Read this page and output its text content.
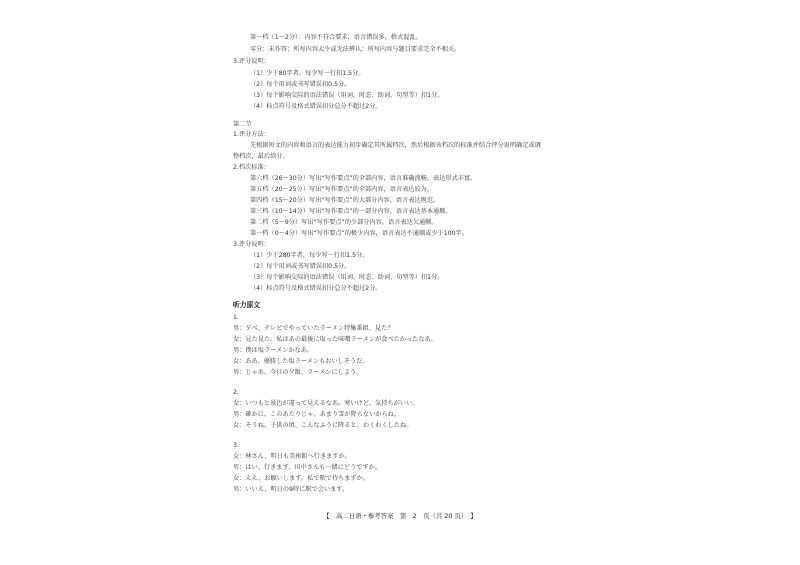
第一档（1～2分）：内容不符合要求，语言错误多，格式混乱。
零分：未作答；所写内容太少或无法辨认；所写内容与题目要求完全不相关。
3.评分说明：
（1）少于80字者，每少写一行扣1.5分。
（2）每个用词或书写错误扣0.5分。
（3）每个影响交际的语法错误（用词、时态、助词、句型等）扣1分。
（4）标点符号及格式错误扣分总分不超过2分。
第二节
1.评分方法：
先根据短文的内容和语言的表达能力初步确定其所属档次，然后根据该档次的标准并结合评分说明确定或调
整档次，最后给分。
2.档次标准：
第六档（26～30分）写出“写作要点”的全部内容，语言准确流畅，表达形式丰富。
第五档（20～25分）写出“写作要点”的全部内容，语言表达较为。
第四档（15～20分）写出“写作要点”的大部分内容，语言表达规范。
第三档（10～14分）写出“写作要点”的一部分内容，语言表达基本通顺。
第二档（5～9分）写出“写作要点”的少部分内容，语言表达欠通顺。
第一档（0～4分）写出“写作要点”的极少内容，语言表达不通顺或少于100字。
3.评分说明：
（1）少于280字者，每少写一行扣1.5分。
（2）每个用词或书写错误扣0.5分。
（3）每个影响交际的语法错误（用词、时态、助词、句型等）扣1分。
（4）标点符号及格式错误扣分总分不超过2分。
听力原文
1.
男：夕べ、テレビでやっていたラーメン特集番組、見た？
女：見た見た。私はあの最後に取った味噌ラーメンが食べたかったなあ。
男：僕は塩ラーメンかなあ。
女：ああ、優勝した塩ラーメンもおいしそうだ。
男：じゃあ、今日の夕飯、ラーメンにしよう。
2.
女：いつもと景色が違って見えるなあ。寒いけど、気持ちがいい。
男：確かに。このあたりじゃ、あまり雪が降らないからね。
女：そうね。子供の頃、こんなふうに降ると、わくわくしたね。
3.
女：林さん、明日も美術館へ行きますか。
男：はい、行きます。田中さんも一緒にどうですか。
女：ええ、お願いします。私で駅で待ちますか。
男：いいえ、明日の9時に駅で会います。
【　高二日语・参考答案　第　2　页（共 20 页）　】
